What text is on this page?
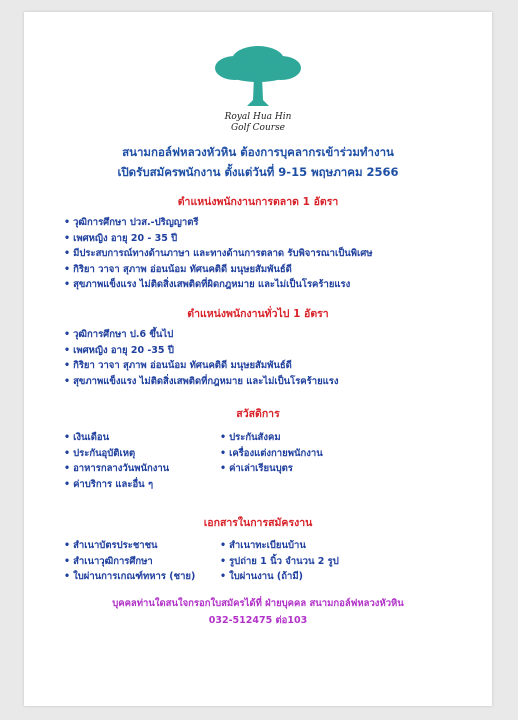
Royal Hua Hin
Golf Course
สนามกอล์ฟหลวงหัวหิน ต้องการบุคลากรเข้าร่วมทำงาน
เปิดรับสมัครพนักงาน ตั้งแต่วันที่ 9-15 พฤษภาคม 2566
ตำแหน่งพนักงานการตลาด 1 อัตรา
• วุฒิการศึกษา ปวส.-ปริญญาตรี
• เพศหญิง อายุ 20 - 35 ปี
• มีประสบการณ์ทางด้านภาษา และทางด้านการตลาด รับพิจารณาเป็นพิเศษ
• กิริยา วาจา สุภาพ อ่อนน้อม ทัศนคติดี มนุษยสัมพันธ์ดี
• สุขภาพแข็งแรง ไม่ติดสิ่งเสพติดที่ผิดกฎหมาย และไม่เป็นโรคร้ายแรง
ตำแหน่งพนักงานทั่วไป 1 อัตรา
• วุฒิการศึกษา ป.6 ขึ้นไป
• เพศหญิง อายุ 20 -35 ปี
• กิริยา วาจา สุภาพ อ่อนน้อม ทัศนคติดี มนุษยสัมพันธ์ดี
• สุขภาพแข็งแรง ไม่ติดสิ่งเสพติดที่กฎหมาย และไม่เป็นโรคร้ายแรง
สวัสดิการ
• เงินเดือน
• ประกันอุบัติเหตุ
• อาหารกลางวันพนักงาน
• ค่าบริการ และอื่น ๆ
• ประกันสังคม
• เครื่องแต่งกายพนักงาน
• ค่าเล่าเรียนบุตร
เอกสารในการสมัครงาน
• สำเนาบัตรประชาชน
• สำเนาวุฒิการศึกษา
• ใบผ่านการเกณฑ์ทหาร (ชาย)
• สำเนาทะเบียนบ้าน
• รูปถ่าย 1 นิ้ว จำนวน 2 รูป
• ใบผ่านงาน (ถ้ามี)
บุคคลท่านใดสนใจกรอกใบสมัครได้ที่ ฝ่ายบุคคล สนามกอล์ฟหลวงหัวหิน
032-512475 ต่อ103
